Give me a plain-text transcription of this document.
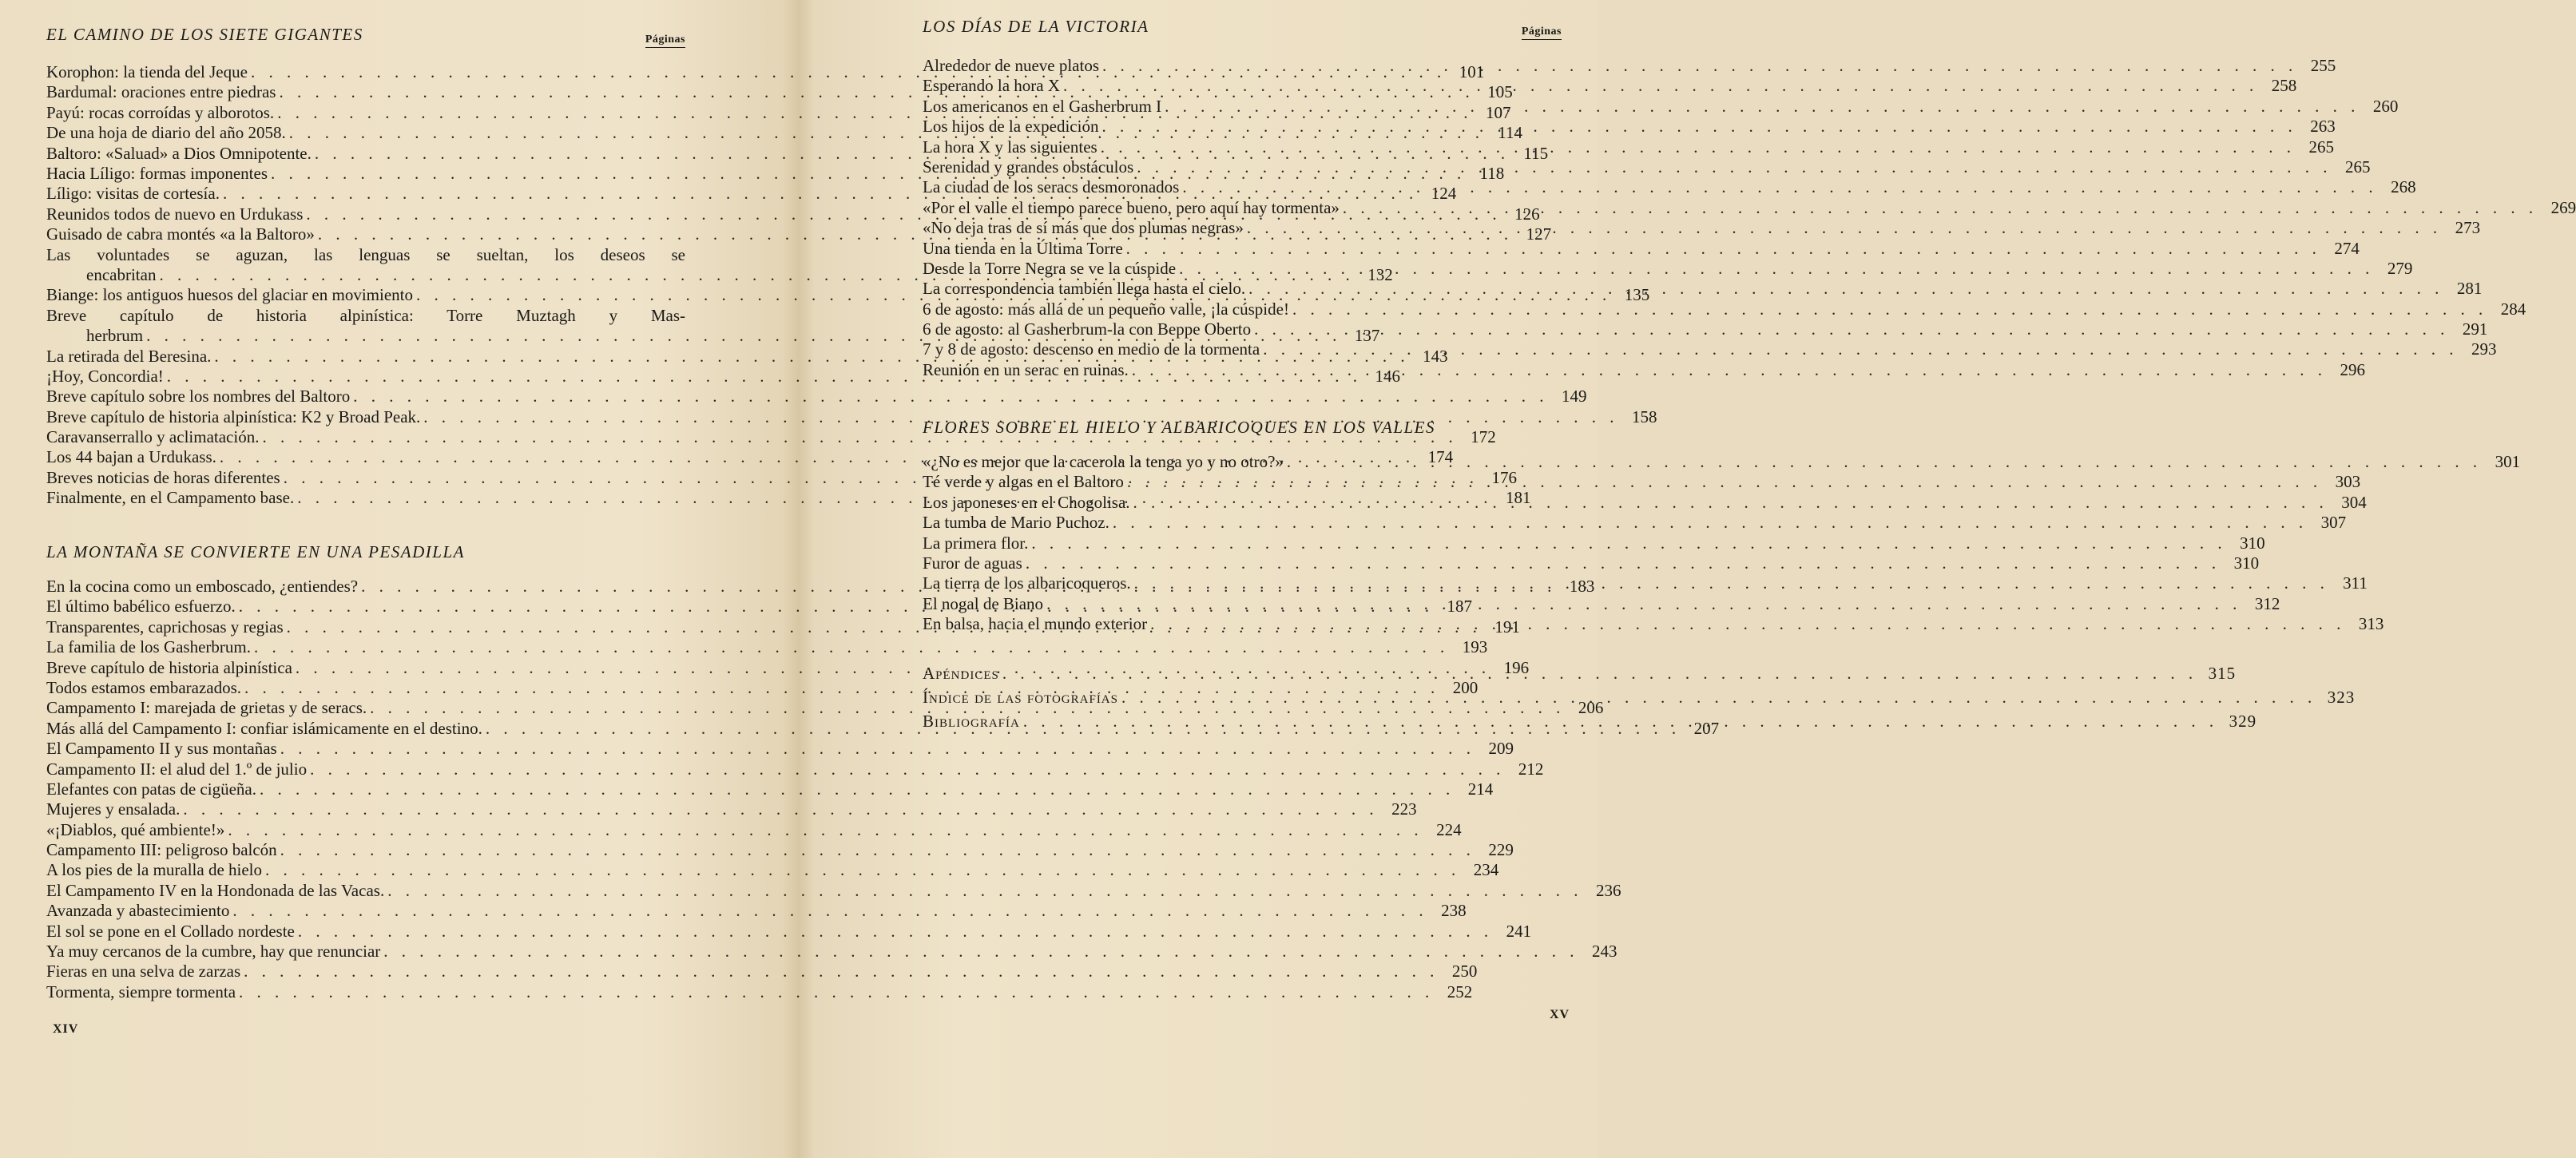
EL CAMINO DE LOS SIETE GIGANTES	Páginas
Korophon: la tienda del Jeque . . .	101
Bardumal: oraciones entre piedras . . .	105
Payú: rocas corroídas y alborotos. . . .	107
De una hoja de diario del año 2058. . . .	114
Baltoro: «Saluad» a Dios Omnipotente. . . .	115
Hacia Líligo: formas imponentes . . .	118
Líligo: visitas de cortesía. . . .	124
Reunidos todos de nuevo en Urdukass . . .	126
Guisado de cabra montés «a la Baltoro» . . .	127
Las voluntades se aguzan, las lenguas se sueltan, los deseos se
encabritan . . .	132
Biange: los antiguos huesos del glaciar en movimiento . . .	135
Breve capítulo de historia alpinística: Torre Muztagh y Mas-
herbrum . . .	137
La retirada del Beresina. . . .	143
¡Hoy, Concordia! . . .	146
Breve capítulo sobre los nombres del Baltoro . . .	149
Breve capítulo de historia alpinística: K2 y Broad Peak. . . .	158
Caravanserrallo y aclimatación. . . .	172
Los 44 bajan a Urdukass. . . .	174
Breves noticias de horas diferentes . . .	176
Finalmente, en el Campamento base. . . .	181
LA MONTAÑA SE CONVIERTE EN UNA PESADILLA
En la cocina como un emboscado, ¿entiendes? . . .	183
El último babélico esfuerzo. . . .	187
Transparentes, caprichosas y regias . . .	191
La familia de los Gasherbrum. . . .	193
Breve capítulo de historia alpinística . . .	196
Todos estamos embarazados. . . .	200
Campamento I: marejada de grietas y de seracs. . . .	206
Más allá del Campamento I: confiar islámicamente en el destino. . . .	207
El Campamento II y sus montañas . . .	209
Campamento II: el alud del 1.º de julio . . .	212
Elefantes con patas de cigüeña. . . .	214
Mujeres y ensalada. . . .	223
«¡Diablos, qué ambiente!» . . .	224
Campamento III: peligroso balcón . . .	229
A los pies de la muralla de hielo . . .	234
El Campamento IV en la Hondonada de las Vacas. . . .	236
Avanzada y abastecimiento . . .	238
El sol se pone en el Collado nordeste . . .	241
Ya muy cercanos de la cumbre, hay que renunciar . . .	243
Fieras en una selva de zarzas . . .	250
Tormenta, siempre tormenta . . .	252
XIV
LOS DÍAS DE LA VICTORIA	Páginas
Alrededor de nueve platos . . .	255
Esperando la hora X . . .	258
Los americanos en el Gasherbrum I . . .	260
Los hijos de la expedición . . .	263
La hora X y las siguientes . . .	265
Serenidad y grandes obstáculos . . .	265
La ciudad de los seracs desmoronados . . .	268
«Por el valle el tiempo parece bueno, pero aquí hay tormenta» . . .	269
«No deja tras de sí más que dos plumas negras» . . .	273
Una tienda en la Última Torre . . .	274
Desde la Torre Negra se ve la cúspide . . .	279
La correspondencia también llega hasta el cielo. . . .	281
6 de agosto: más allá de un pequeño valle, ¡la cúspide! . . .	284
6 de agosto: al Gasherbrum-la con Beppe Oberto . . .	291
7 y 8 de agosto: descenso en medio de la tormenta . . .	293
Reunión en un serac en ruinas. . . .	296
FLORES SOBRE EL HIELO Y ALBARICOQUES EN LOS VALLES
«¿No es mejor que la cacerola la tenga yo y no otro?» . . .	301
Té verde y algas en el Baltoro . . .	303
Los japoneses en el Chogolisa. . . .	304
La tumba de Mario Puchoz. . . .	307
La primera flor. . . .	310
Furor de aguas . . .	310
La tierra de los albaricoqueros. . . .	311
El nogal de Biano . . .	312
En balsa, hacia el mundo exterior . . .	313
Apéndices . . .	315
Índice de las fotografías . . .	323
Bibliografía . . .	329
XV
